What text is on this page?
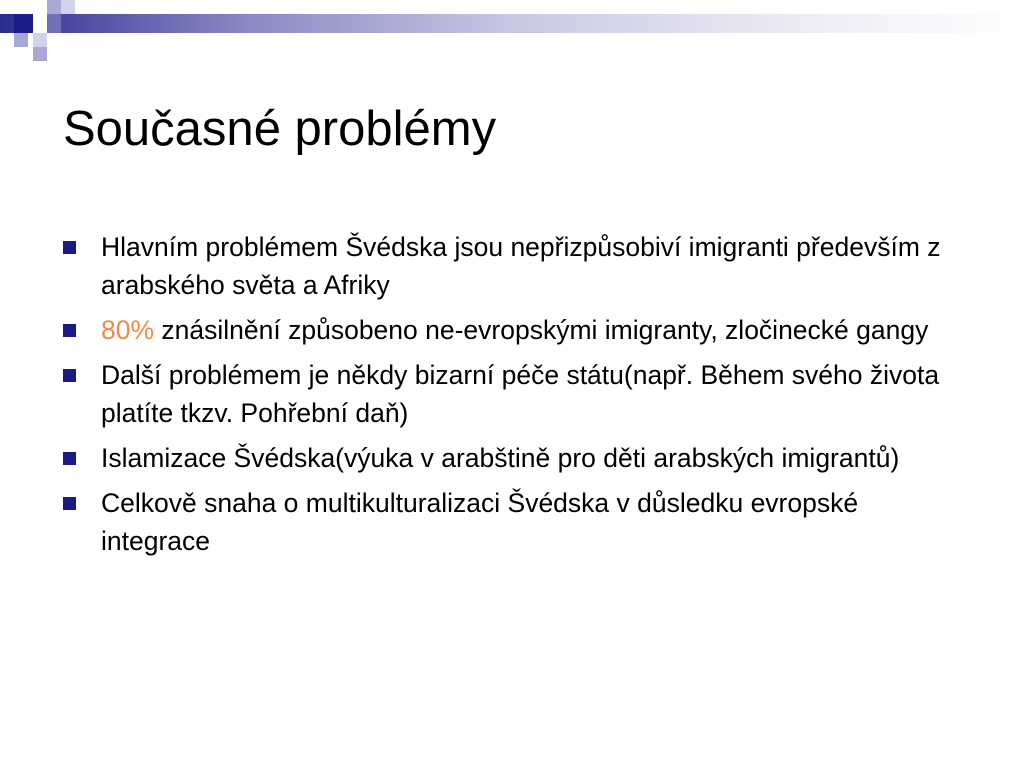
Současné problémy
Hlavním problémem Švédska jsou nepřizpůsobiví imigranti především z arabského světa a Afriky
80% znásilnění způsobeno ne-evropskými imigranty, zločinecké gangy
Další problémem je někdy bizarní péče státu(např. Během svého života platíte tkzv. Pohřební daň)
Islamizace Švédska(výuka v arabštině pro děti arabských imigrantů)
Celkově snaha o multikulturalizaci Švédska v důsledku evropské integrace
